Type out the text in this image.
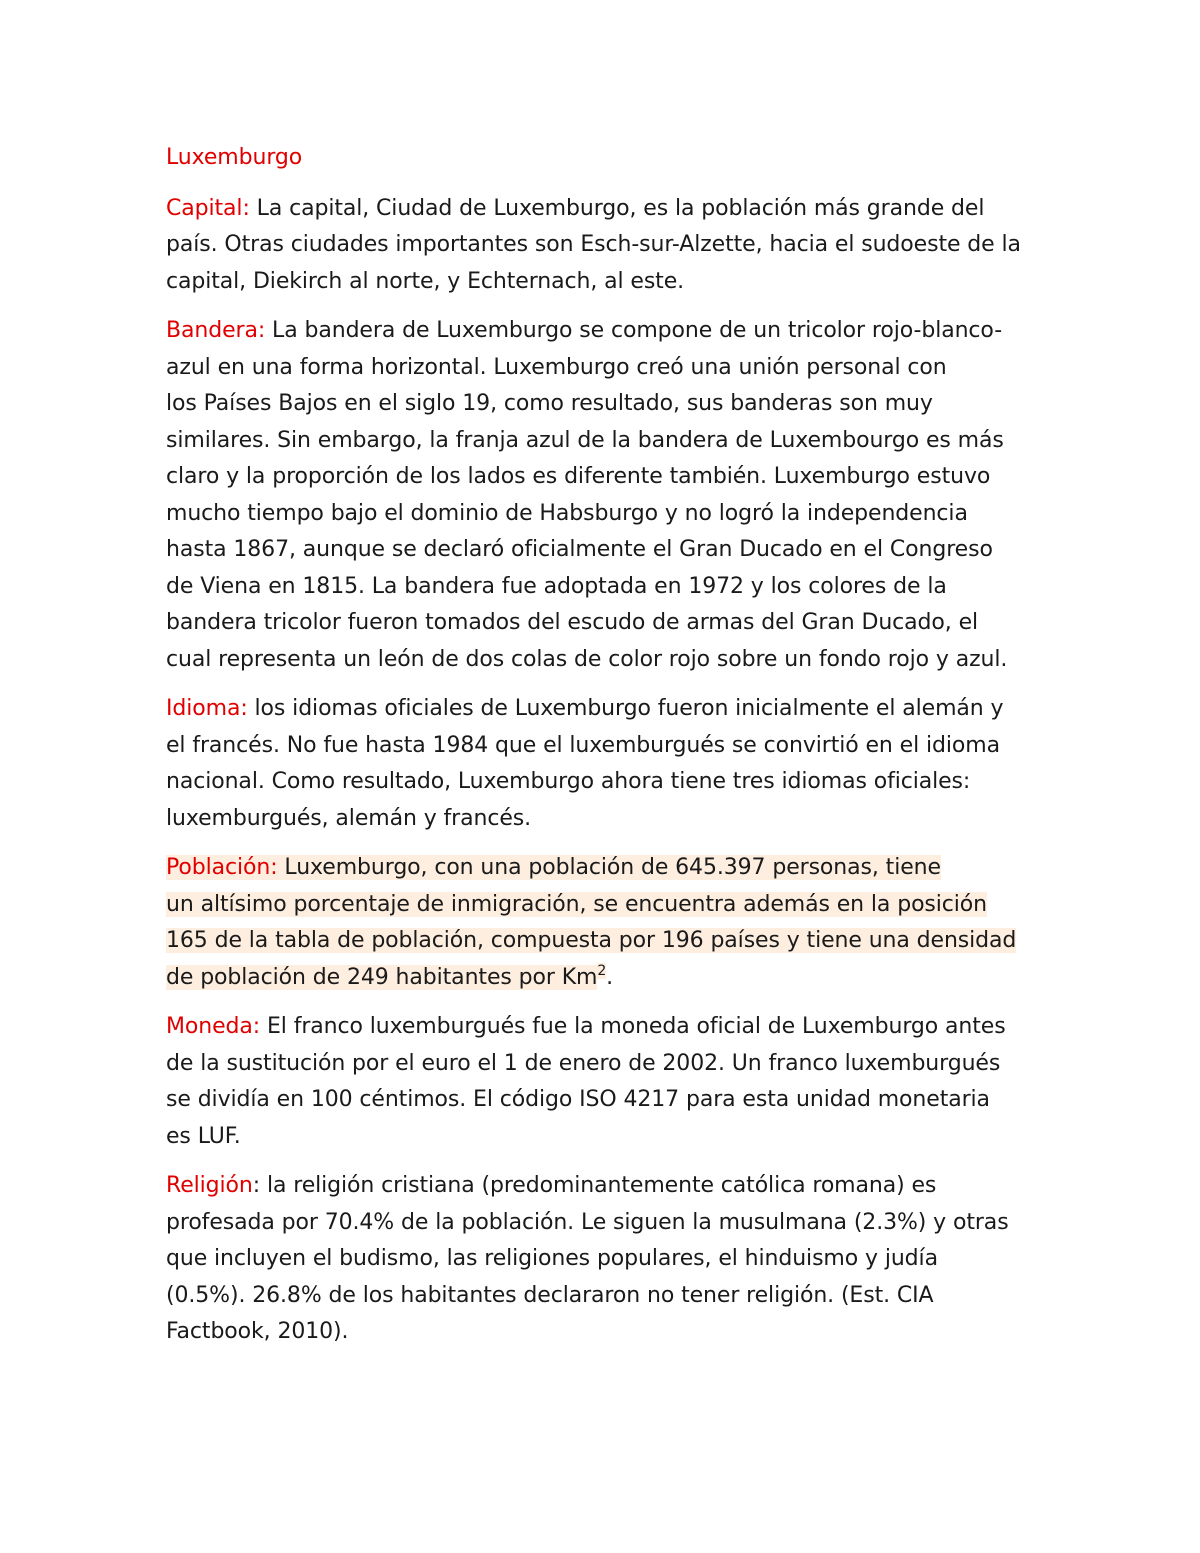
Luxemburgo
Capital: La capital, Ciudad de Luxemburgo, es la población más grande del
país. Otras ciudades importantes son Esch-sur-Alzette, hacia el sudoeste de la
capital, Diekirch al norte, y Echternach, al este.
Bandera: La bandera de Luxemburgo se compone de un tricolor rojo-blanco-
azul en una forma horizontal. Luxemburgo creó una unión personal con
los Países Bajos en el siglo 19, como resultado, sus banderas son muy
similares. Sin embargo, la franja azul de la bandera de Luxembourgo es más
claro y la proporción de los lados es diferente también. Luxemburgo estuvo
mucho tiempo bajo el dominio de Habsburgo y no logró la independencia
hasta 1867, aunque se declaró oficialmente el Gran Ducado en el Congreso
de Viena en 1815. La bandera fue adoptada en 1972 y los colores de la
bandera tricolor fueron tomados del escudo de armas del Gran Ducado, el
cual representa un león de dos colas de color rojo sobre un fondo rojo y azul.
Idioma: los idiomas oficiales de Luxemburgo fueron inicialmente el alemán y
el francés. No fue hasta 1984 que el luxemburgués se convirtió en el idioma
nacional. Como resultado, Luxemburgo ahora tiene tres idiomas oficiales:
luxemburgués, alemán y francés.
Población: Luxemburgo, con una población de 645.397 personas, tiene
un altísimo porcentaje de inmigración, se encuentra además en la posición
165 de la tabla de población, compuesta por 196 países y tiene una densidad
de población de 249 habitantes por Km$^2$.
Moneda: El franco luxemburgués fue la moneda oficial de Luxemburgo antes
de la sustitución por el euro el 1 de enero de 2002. Un franco luxemburgués
se dividía en 100 céntimos. El código ISO 4217 para esta unidad monetaria
es LUF.
Religión: la religión cristiana (predominantemente católica romana) es
profesada por 70.4% de la población. Le siguen la musulmana (2.3%) y otras
que incluyen el budismo, las religiones populares, el hinduismo y judía
(0.5%). 26.8% de los habitantes declararon no tener religión. (Est. CIA
Factbook, 2010).
